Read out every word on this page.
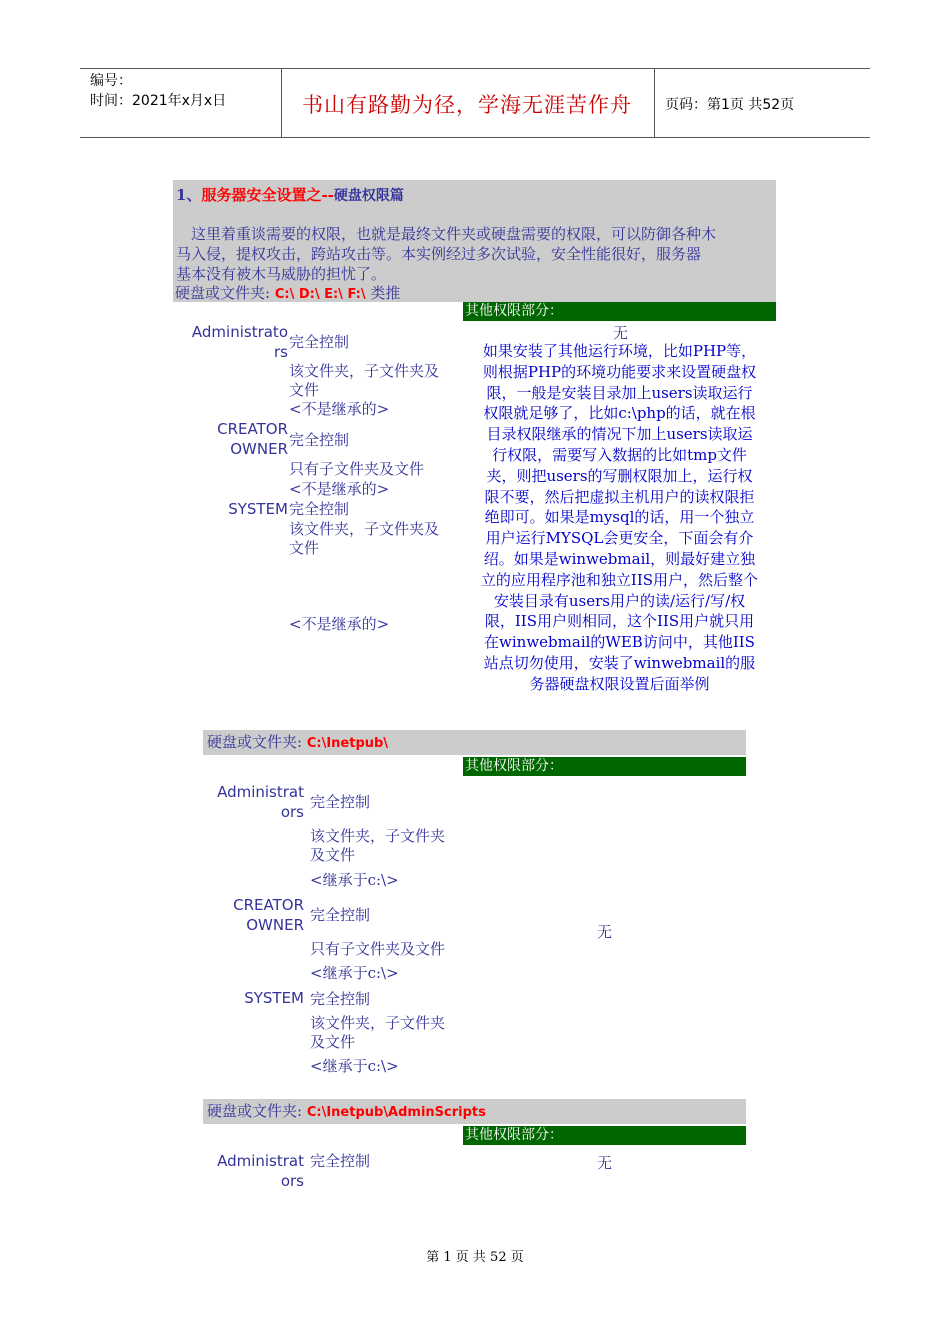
编号：
时间：2021年x月x日	书山有路勤为径，学海无涯苦作舟 页码：第1页 共52页
1、服务器安全设置之--硬盘权限篇
　这里着重谈需要的权限，也就是最终文件夹或硬盘需要的权限，可以防御各种木
马入侵，提权攻击，跨站攻击等。本实例经过多次试验，安全性能很好，服务器
基本没有被木马威胁的担忧了。
硬盘或文件夹: C:\ D:\ E:\ F:\ 类推
其他权限部分：
无
Administrato
rs
CREATOR
OWNER
SYSTEM
完全控制
该文件夹，子文件夹及
文件
<不是继承的>
完全控制
只有子文件夹及文件
<不是继承的>
完全控制
该文件夹，子文件夹及
文件
<不是继承的>
如果安装了其他运行环境，比如PHP等，
则根据PHP的环境功能要求来设置硬盘权
限，一般是安装目录加上users读取运行
权限就足够了，比如c:\php的话，就在根
目录权限继承的情况下加上users读取运
行权限，需要写入数据的比如tmp文件
夹，则把users的写删权限加上，运行权
限不要，然后把虚拟主机用户的读权限拒
绝即可。如果是mysql的话，用一个独立
用户运行MYSQL会更安全，下面会有介
绍。如果是winwebmail，则最好建立独
立的应用程序池和独立IIS用户，然后整个
安装目录有users用户的读/运行/写/权
限，IIS用户则相同，这个IIS用户就只用
在winwebmail的WEB访问中，其他IIS
站点切勿使用，安装了winwebmail的服
务器硬盘权限设置后面举例
硬盘或文件夹: C:\Inetpub\
其他权限部分：
无
Administrat
ors
CREATOR
OWNER
SYSTEM
完全控制
该文件夹，子文件夹
及文件
<继承于c:\>
完全控制
只有子文件夹及文件
<继承于c:\>
完全控制
该文件夹，子文件夹
及文件
<继承于c:\>
硬盘或文件夹: C:\Inetpub\AdminScripts
其他权限部分：
无
Administrat
ors
完全控制
第 1 页 共 52 页
